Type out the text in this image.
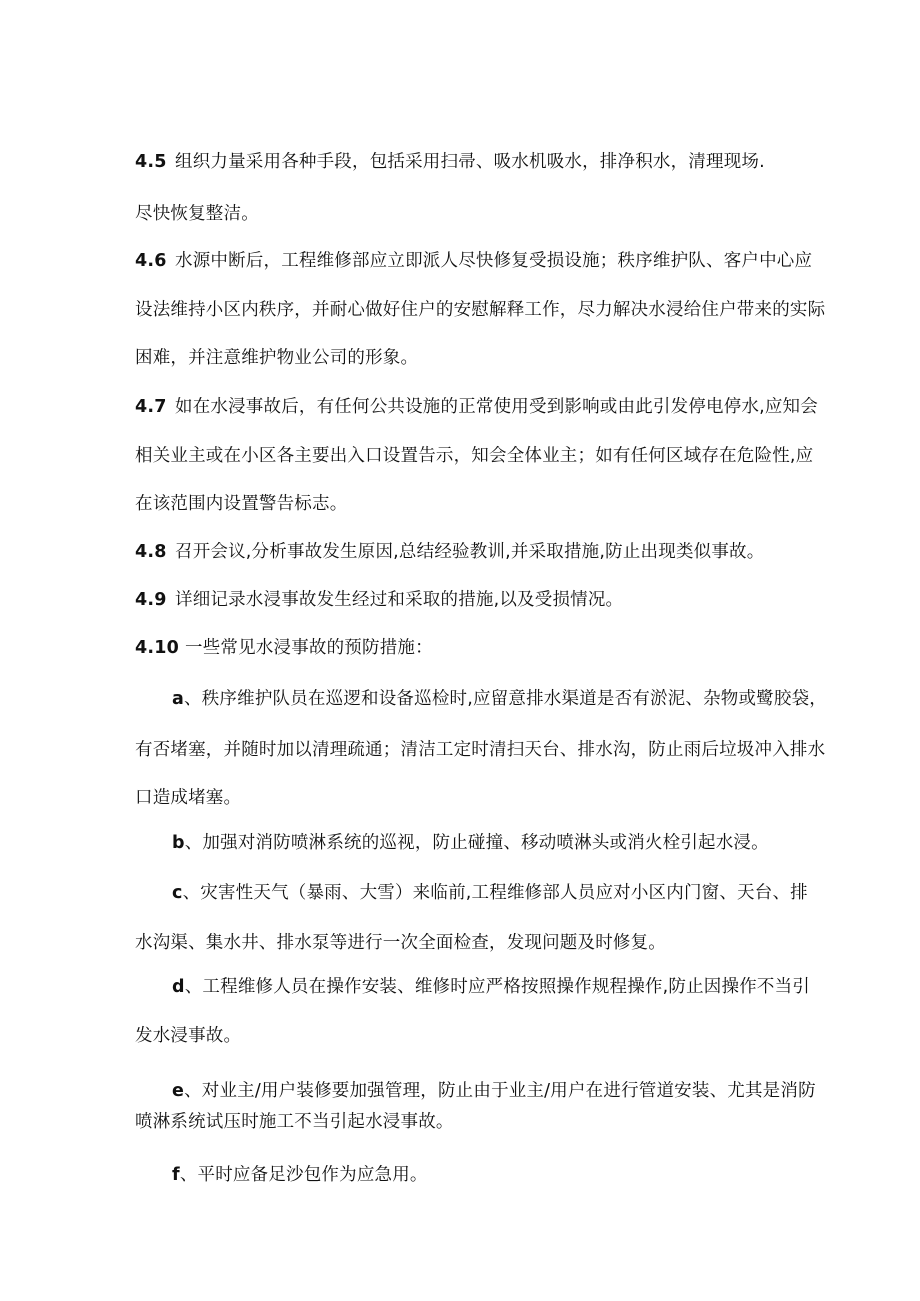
4.5 组织力量采用各种手段，包括采用扫帚、吸水机吸水，排净积水，清理现场.
尽快恢复整洁。
4.6 水源中断后，工程维修部应立即派人尽快修复受损设施；秩序维护队、客户中心应
设法维持小区内秩序，并耐心做好住户的安慰解释工作，尽力解决水浸给住户带来的实际
困难，并注意维护物业公司的形象。
4.7 如在水浸事故后，有任何公共设施的正常使用受到影响或由此引发停电停水,应知会
相关业主或在小区各主要出入口设置告示，知会全体业主；如有任何区域存在危险性,应
在该范围内设置警告标志。
4.8 召开会议,分析事故发生原因,总结经验教训,并采取措施,防止出现类似事故。
4.9 详细记录水浸事故发生经过和采取的措施,以及受损情况。
4.10 一些常见水浸事故的预防措施：
a、秩序维护队员在巡逻和设备巡检时,应留意排水渠道是否有淤泥、杂物或鹭胶袋，
有否堵塞，并随时加以清理疏通；清洁工定时清扫天台、排水沟，防止雨后垃圾冲入排水
口造成堵塞。
b、加强对消防喷淋系统的巡视，防止碰撞、移动喷淋头或消火栓引起水浸。
c、灾害性天气（暴雨、大雪）来临前,工程维修部人员应对小区内门窗、天台、排
水沟渠、集水井、排水泵等进行一次全面检查，发现问题及时修复。
d、工程维修人员在操作安装、维修时应严格按照操作规程操作,防止因操作不当引
发水浸事故。
e、对业主/用户装修要加强管理，防止由于业主/用户在进行管道安装、尤其是消防
喷淋系统试压时施工不当引起水浸事故。
f、平时应备足沙包作为应急用。
